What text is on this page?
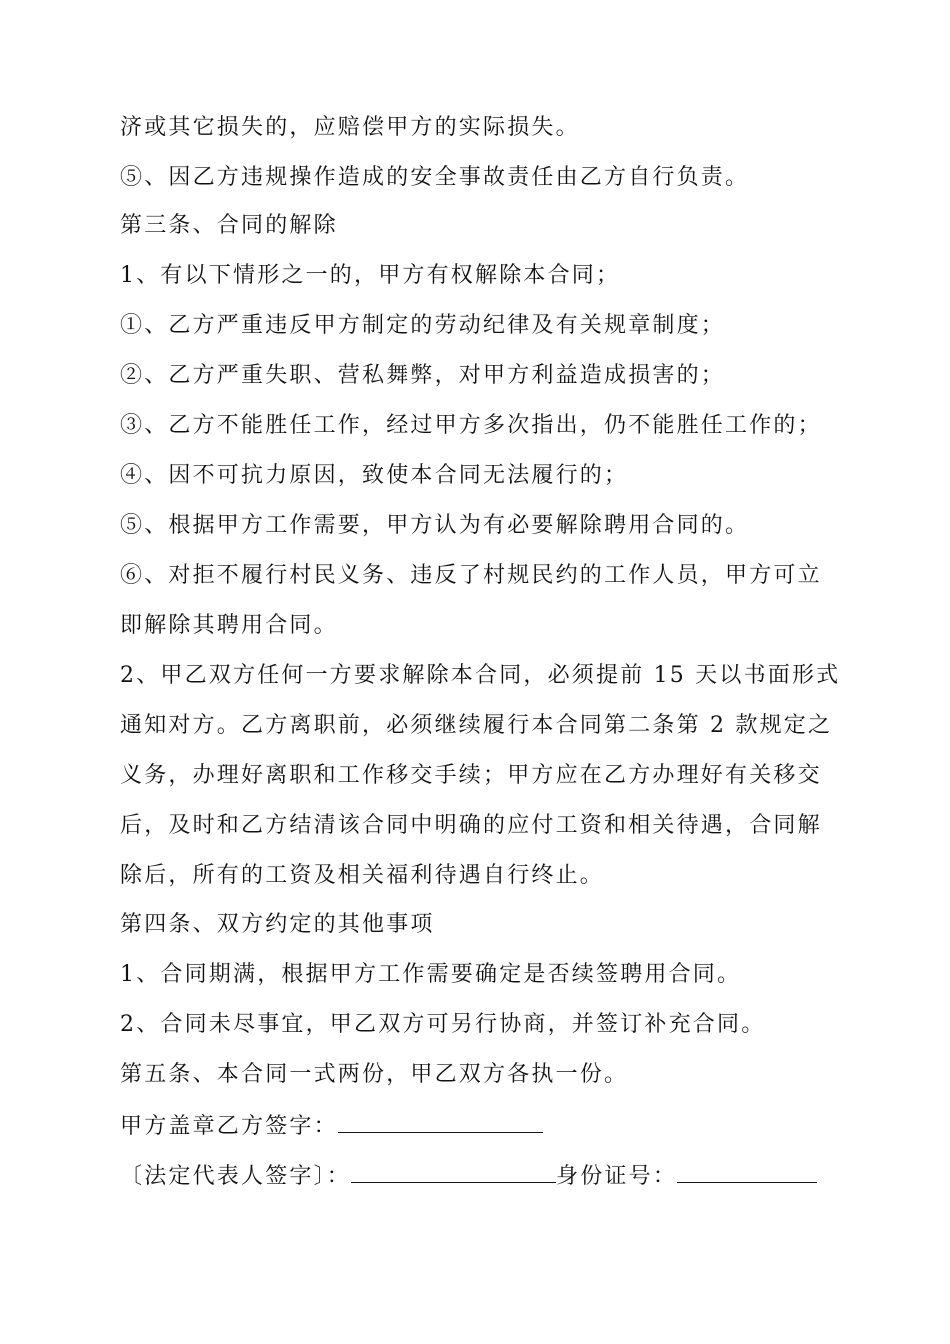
济或其它损失的，应赔偿甲方的实际损失。
⑤、因乙方违规操作造成的安全事故责任由乙方自行负责。
第三条、合同的解除
1、有以下情形之一的，甲方有权解除本合同；
①、乙方严重违反甲方制定的劳动纪律及有关规章制度；
②、乙方严重失职、营私舞弊，对甲方利益造成损害的；
③、乙方不能胜任工作，经过甲方多次指出，仍不能胜任工作的；
④、因不可抗力原因，致使本合同无法履行的；
⑤、根据甲方工作需要，甲方认为有必要解除聘用合同的。
⑥、对拒不履行村民义务、违反了村规民约的工作人员，甲方可立
即解除其聘用合同。
2、甲乙双方任何一方要求解除本合同，必须提前 15 天以书面形式
通知对方。乙方离职前，必须继续履行本合同第二条第 2 款规定之
义务，办理好离职和工作移交手续；甲方应在乙方办理好有关移交
后，及时和乙方结清该合同中明确的应付工资和相关待遇，合同解
除后，所有的工资及相关福利待遇自行终止。
第四条、双方约定的其他事项
1、合同期满，根据甲方工作需要确定是否续签聘用合同。
2、合同未尽事宜，甲乙双方可另行协商，并签订补充合同。
第五条、本合同一式两份，甲乙双方各执一份。
甲方盖章乙方签字：
〔法定代表人签字〕：	身份证号：
